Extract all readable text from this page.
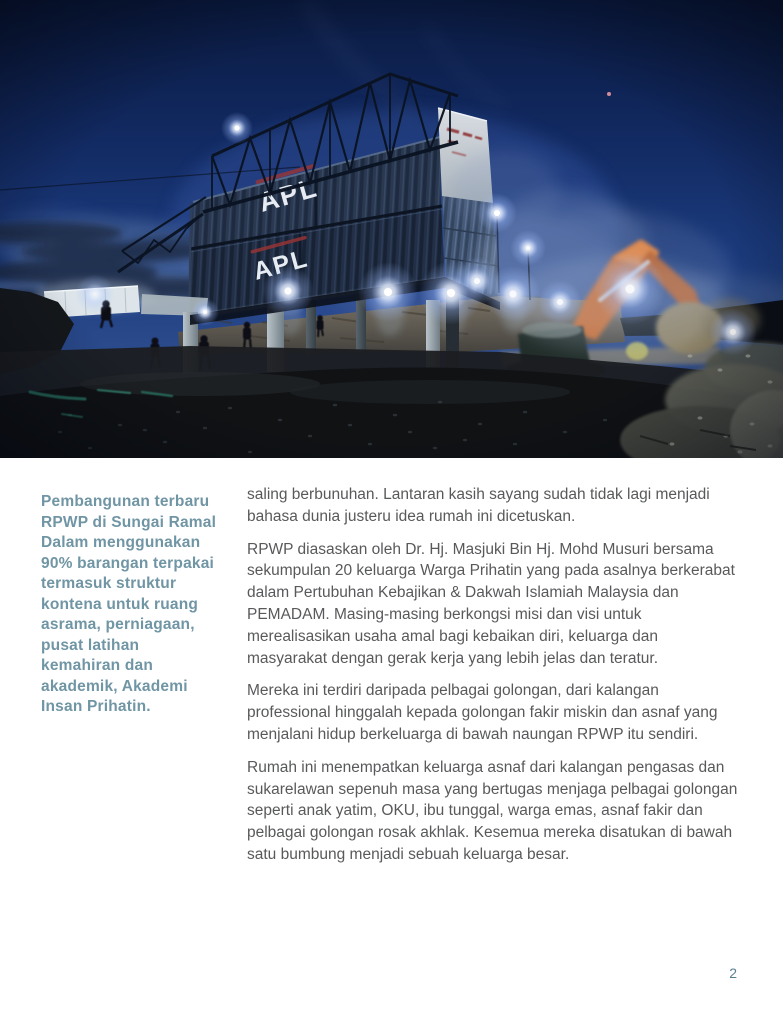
Pembangunan terbaru RPWP di Sungai Ramal Dalam menggunakan 90% barangan terpakai termasuk struktur kontena untuk ruang asrama, perniagaan, pusat latihan kemahiran dan akademik, Akademi Insan Prihatin.

saling berbunuhan. Lantaran kasih sayang sudah tidak lagi menjadi bahasa dunia justeru idea rumah ini dicetuskan.

RPWP diasaskan oleh Dr. Hj. Masjuki Bin Hj. Mohd Musuri bersama sekumpulan 20 keluarga Warga Prihatin yang pada asalnya berkerabat dalam Pertubuhan Kebajikan & Dakwah Islamiah Malaysia dan PEMADAM. Masing-masing berkongsi misi dan visi untuk merealisasikan usaha amal bagi kebaikan diri, keluarga dan masyarakat dengan gerak kerja yang lebih jelas dan teratur.

Mereka ini terdiri daripada pelbagai golongan, dari kalangan professional hinggalah kepada golongan fakir miskin dan asnaf yang menjalani hidup berkeluarga di bawah naungan RPWP itu sendiri.

Rumah ini menempatkan keluarga asnaf dari kalangan pengasas dan sukarelawan sepenuh masa yang bertugas menjaga pelbagai golongan seperti anak yatim, OKU, ibu tunggal, warga emas, asnaf fakir dan pelbagai golongan rosak akhlak. Kesemua mereka disatukan di bawah satu bumbung menjadi sebuah keluarga besar.

2
